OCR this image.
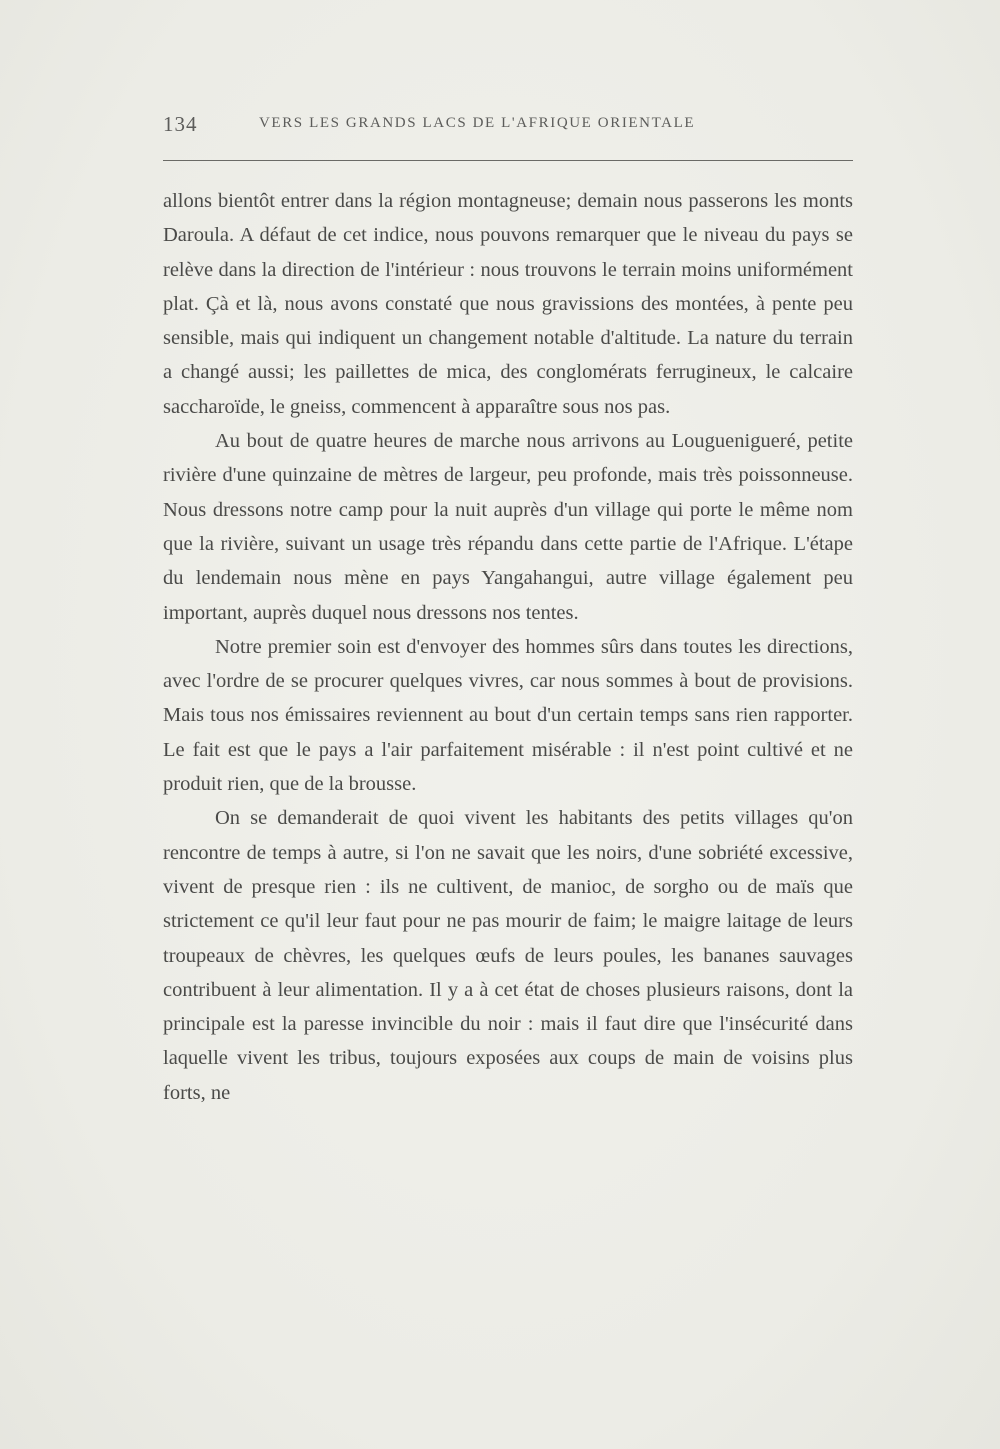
134	VERS LES GRANDS LACS DE L'AFRIQUE ORIENTALE

allons bientôt entrer dans la région montagneuse; demain nous passerons les monts Daroula. A défaut de cet indice, nous pouvons remarquer que le niveau du pays se relève dans la direction de l'intérieur : nous trouvons le terrain moins uniformément plat. Çà et là, nous avons constaté que nous gravissions des montées, à pente peu sensible, mais qui indiquent un changement notable d'altitude. La nature du terrain a changé aussi; les paillettes de mica, des conglomérats ferrugineux, le calcaire saccharoïde, le gneiss, commencent à apparaître sous nos pas.

Au bout de quatre heures de marche nous arrivons au Louguenigueré, petite rivière d'une quinzaine de mètres de largeur, peu profonde, mais très poissonneuse. Nous dressons notre camp pour la nuit auprès d'un village qui porte le même nom que la rivière, suivant un usage très répandu dans cette partie de l'Afrique. L'étape du lendemain nous mène en pays Yangahangui, autre village également peu important, auprès duquel nous dressons nos tentes.

Notre premier soin est d'envoyer des hommes sûrs dans toutes les directions, avec l'ordre de se procurer quelques vivres, car nous sommes à bout de provisions. Mais tous nos émissaires reviennent au bout d'un certain temps sans rien rapporter. Le fait est que le pays a l'air parfaitement misérable : il n'est point cultivé et ne produit rien, que de la brousse.

On se demanderait de quoi vivent les habitants des petits villages qu'on rencontre de temps à autre, si l'on ne savait que les noirs, d'une sobriété excessive, vivent de presque rien : ils ne cultivent, de manioc, de sorgho ou de maïs que strictement ce qu'il leur faut pour ne pas mourir de faim; le maigre laitage de leurs troupeaux de chèvres, les quelques œufs de leurs poules, les bananes sauvages contribuent à leur alimentation. Il y a à cet état de choses plusieurs raisons, dont la principale est la paresse invincible du noir : mais il faut dire que l'insécurité dans laquelle vivent les tribus, toujours exposées aux coups de main de voisins plus forts, ne
